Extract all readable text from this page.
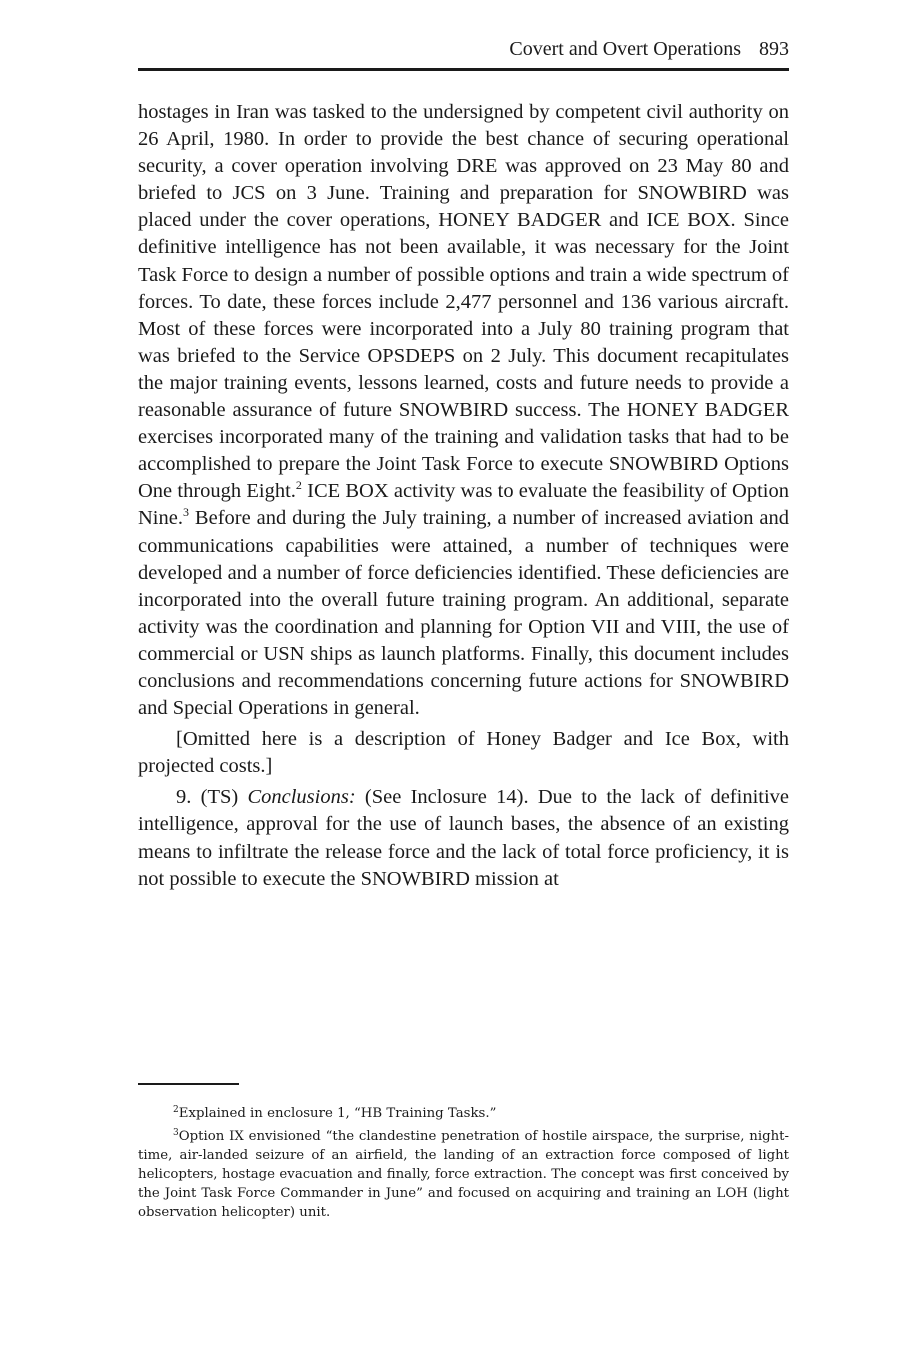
Covert and Overt Operations 893

hostages in Iran was tasked to the undersigned by competent civil authority on 26 April, 1980. In order to provide the best chance of securing operational security, a cover operation involving DRE was approved on 23 May 80 and briefed to JCS on 3 June. Training and preparation for SNOWBIRD was placed under the cover operations, HONEY BADGER and ICE BOX. Since definitive intelligence has not been available, it was necessary for the Joint Task Force to design a number of possible options and train a wide spectrum of forces. To date, these forces include 2,477 personnel and 136 various aircraft. Most of these forces were incorporated into a July 80 training program that was briefed to the Service OPSDEPS on 2 July. This document recapitulates the major training events, lessons learned, costs and future needs to provide a reasonable assurance of future SNOWBIRD success. The HONEY BADGER exercises incorporated many of the training and validation tasks that had to be accomplished to prepare the Joint Task Force to execute SNOWBIRD Options One through Eight.$^2$ ICE BOX activity was to evaluate the feasibility of Option Nine.$^3$ Before and during the July training, a number of increased aviation and communications capabilities were attained, a number of techniques were developed and a number of force deficiencies identified. These deficiencies are incorporated into the overall future training program. An additional, separate activity was the coordination and planning for Option VII and VIII, the use of commercial or USN ships as launch platforms. Finally, this document includes conclusions and recommendations concerning future actions for SNOWBIRD and Special Operations in general.

[Omitted here is a description of Honey Badger and Ice Box, with projected costs.]

9. (TS) Conclusions: (See Inclosure 14). Due to the lack of definitive intelligence, approval for the use of launch bases, the absence of an existing means to infiltrate the release force and the lack of total force proficiency, it is not possible to execute the SNOWBIRD mission at

$^2$Explained in enclosure 1, “HB Training Tasks.”

$^3$Option IX envisioned “the clandestine penetration of hostile airspace, the surprise, night-time, air-landed seizure of an airfield, the landing of an extraction force composed of light helicopters, hostage evacuation and finally, force extraction. The concept was first conceived by the Joint Task Force Commander in June” and focused on acquiring and training an LOH (light observation helicopter) unit.
